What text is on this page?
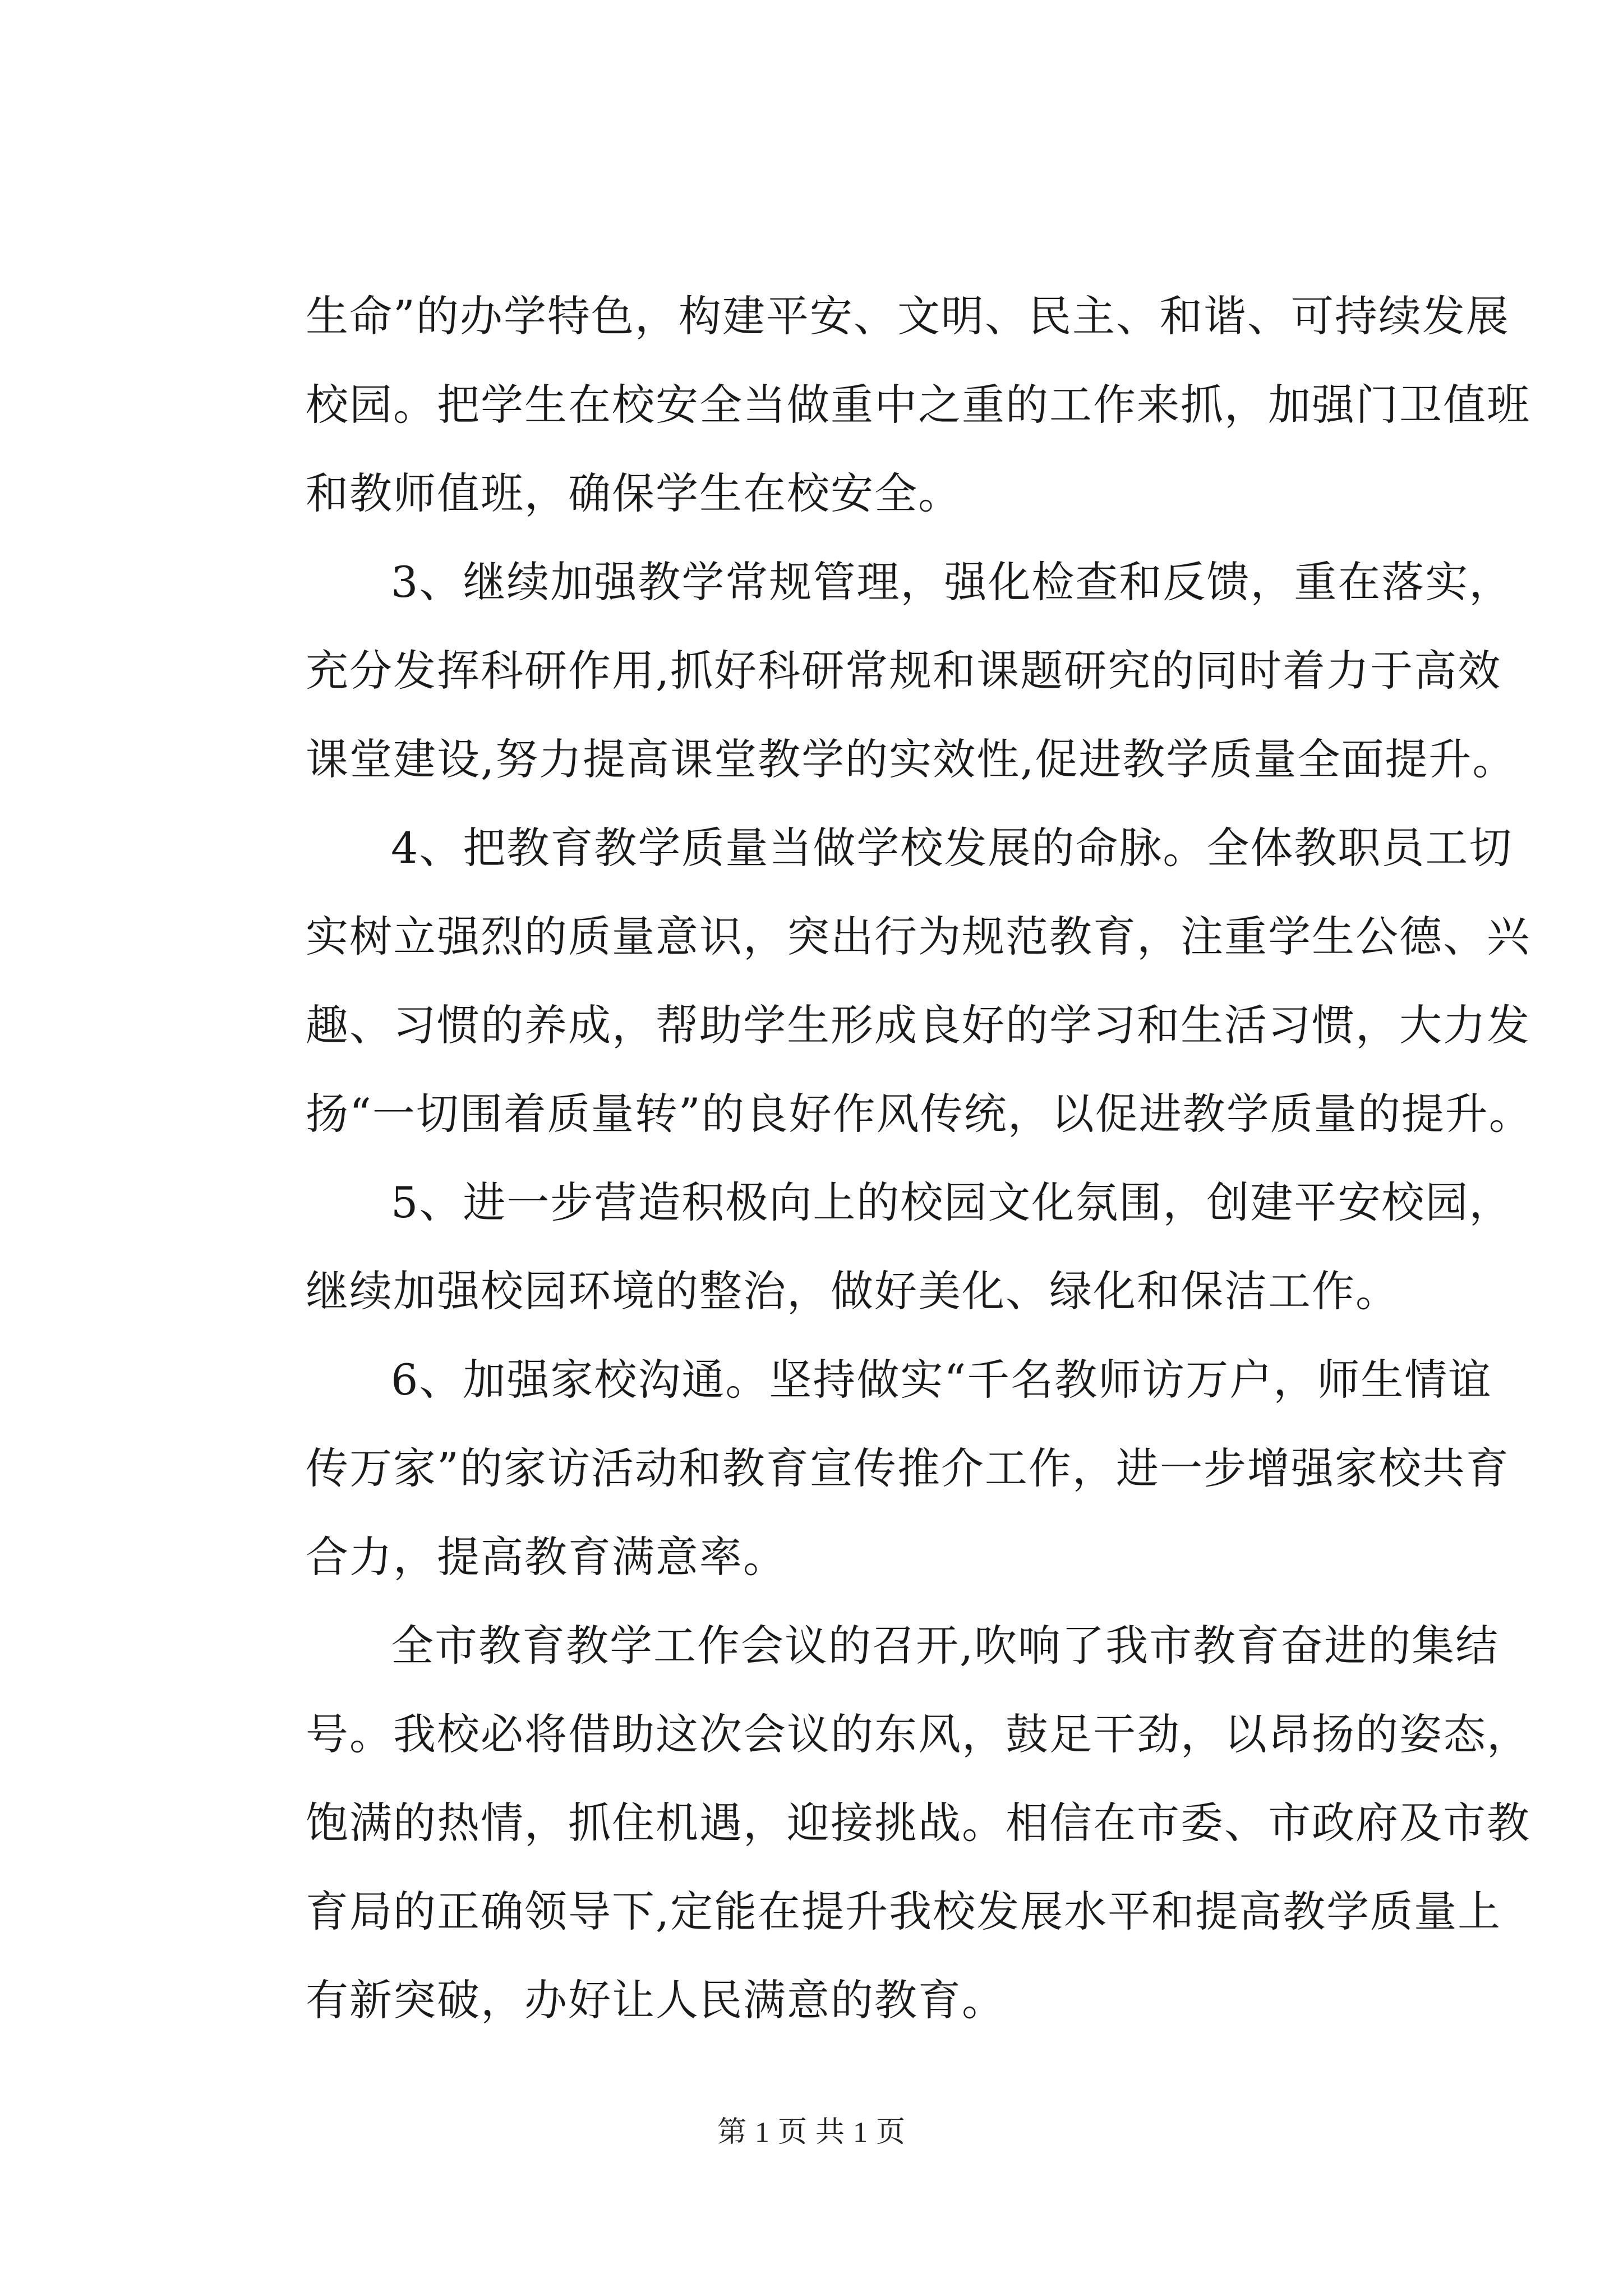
生命”的办学特色，构建平安、文明、民主、和谐、可持续发展
校园。把学生在校安全当做重中之重的工作来抓，加强门卫值班
和教师值班，确保学生在校安全。
3、继续加强教学常规管理，强化检查和反馈，重在落实，
充分发挥科研作用,抓好科研常规和课题研究的同时着力于高效
课堂建设,努力提高课堂教学的实效性,促进教学质量全面提升。
4、把教育教学质量当做学校发展的命脉。全体教职员工切
实树立强烈的质量意识，突出行为规范教育，注重学生公德、兴
趣、习惯的养成，帮助学生形成良好的学习和生活习惯，大力发
扬“一切围着质量转”的良好作风传统，以促进教学质量的提升。
5、进一步营造积极向上的校园文化氛围，创建平安校园，
继续加强校园环境的整治，做好美化、绿化和保洁工作。
6、加强家校沟通。坚持做实“千名教师访万户，师生情谊
传万家”的家访活动和教育宣传推介工作，进一步增强家校共育
合力，提高教育满意率。
全市教育教学工作会议的召开,吹响了我市教育奋进的集结
号。我校必将借助这次会议的东风，鼓足干劲，以昂扬的姿态，
饱满的热情，抓住机遇，迎接挑战。相信在市委、市政府及市教
育局的正确领导下,定能在提升我校发展水平和提高教学质量上
有新突破，办好让人民满意的教育。
第 1 页 共 1 页
